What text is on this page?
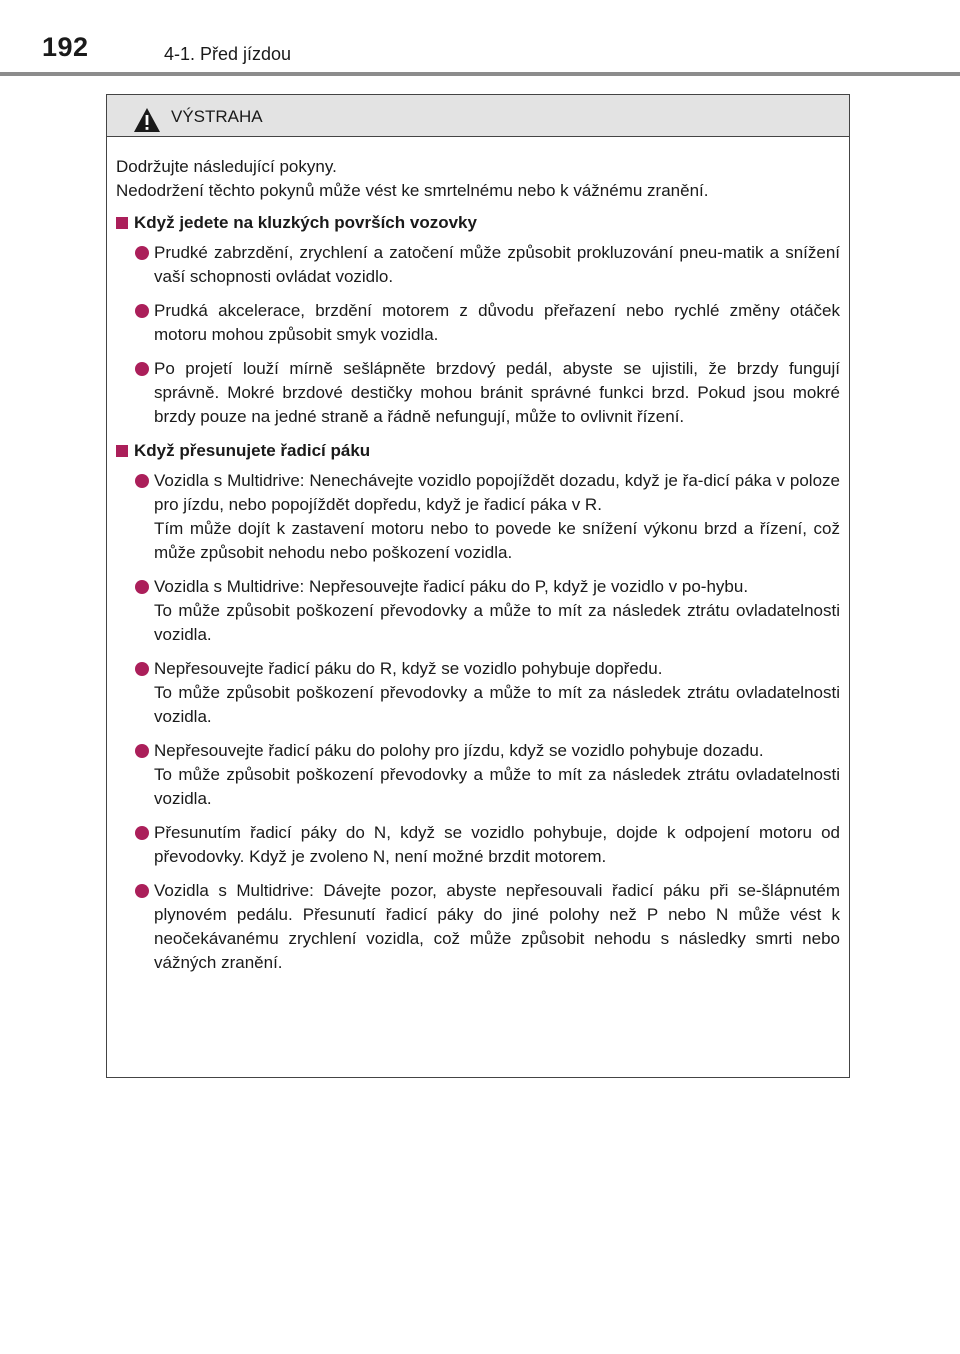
192	4-1. Před jízdou
VÝSTRAHA
Dodržujte následující pokyny.
Nedodržení těchto pokynů může vést ke smrtelnému nebo k vážnému zranění.
Když jedete na kluzkých površích vozovky
Prudké zabrzdění, zrychlení a zatočení může způsobit prokluzování pneu-matik a snížení vaší schopnosti ovládat vozidlo.
Prudká akcelerace, brzdění motorem z důvodu přeřazení nebo rychlé změny otáček motoru mohou způsobit smyk vozidla.
Po projetí louží mírně sešlápněte brzdový pedál, abyste se ujistili, že brzdy fungují správně. Mokré brzdové destičky mohou bránit správné funkci brzd. Pokud jsou mokré brzdy pouze na jedné straně a řádně nefungují, může to ovlivnit řízení.
Když přesunujete řadicí páku
Vozidla s Multidrive: Nenechávejte vozidlo popojíždět dozadu, když je řa-dicí páka v poloze pro jízdu, nebo popojíždět dopředu, když je řadicí páka v R.
Tím může dojít k zastavení motoru nebo to povede ke snížení výkonu brzd a řízení, což může způsobit nehodu nebo poškození vozidla.
Vozidla s Multidrive: Nepřesouvejte řadicí páku do P, když je vozidlo v po-hybu.
To může způsobit poškození převodovky a může to mít za následek ztrátu ovladatelnosti vozidla.
Nepřesouvejte řadicí páku do R, když se vozidlo pohybuje dopředu.
To může způsobit poškození převodovky a může to mít za následek ztrátu ovladatelnosti vozidla.
Nepřesouvejte řadicí páku do polohy pro jízdu, když se vozidlo pohybuje dozadu.
To může způsobit poškození převodovky a může to mít za následek ztrátu ovladatelnosti vozidla.
Přesunutím řadicí páky do N, když se vozidlo pohybuje, dojde k odpojení motoru od převodovky. Když je zvoleno N, není možné brzdit motorem.
Vozidla s Multidrive: Dávejte pozor, abyste nepřesouvali řadicí páku při se-šlápnutém plynovém pedálu. Přesunutí řadicí páky do jiné polohy než P nebo N může vést k neočekávanému zrychlení vozidla, což může způsobit nehodu s následky smrti nebo vážných zranění.
